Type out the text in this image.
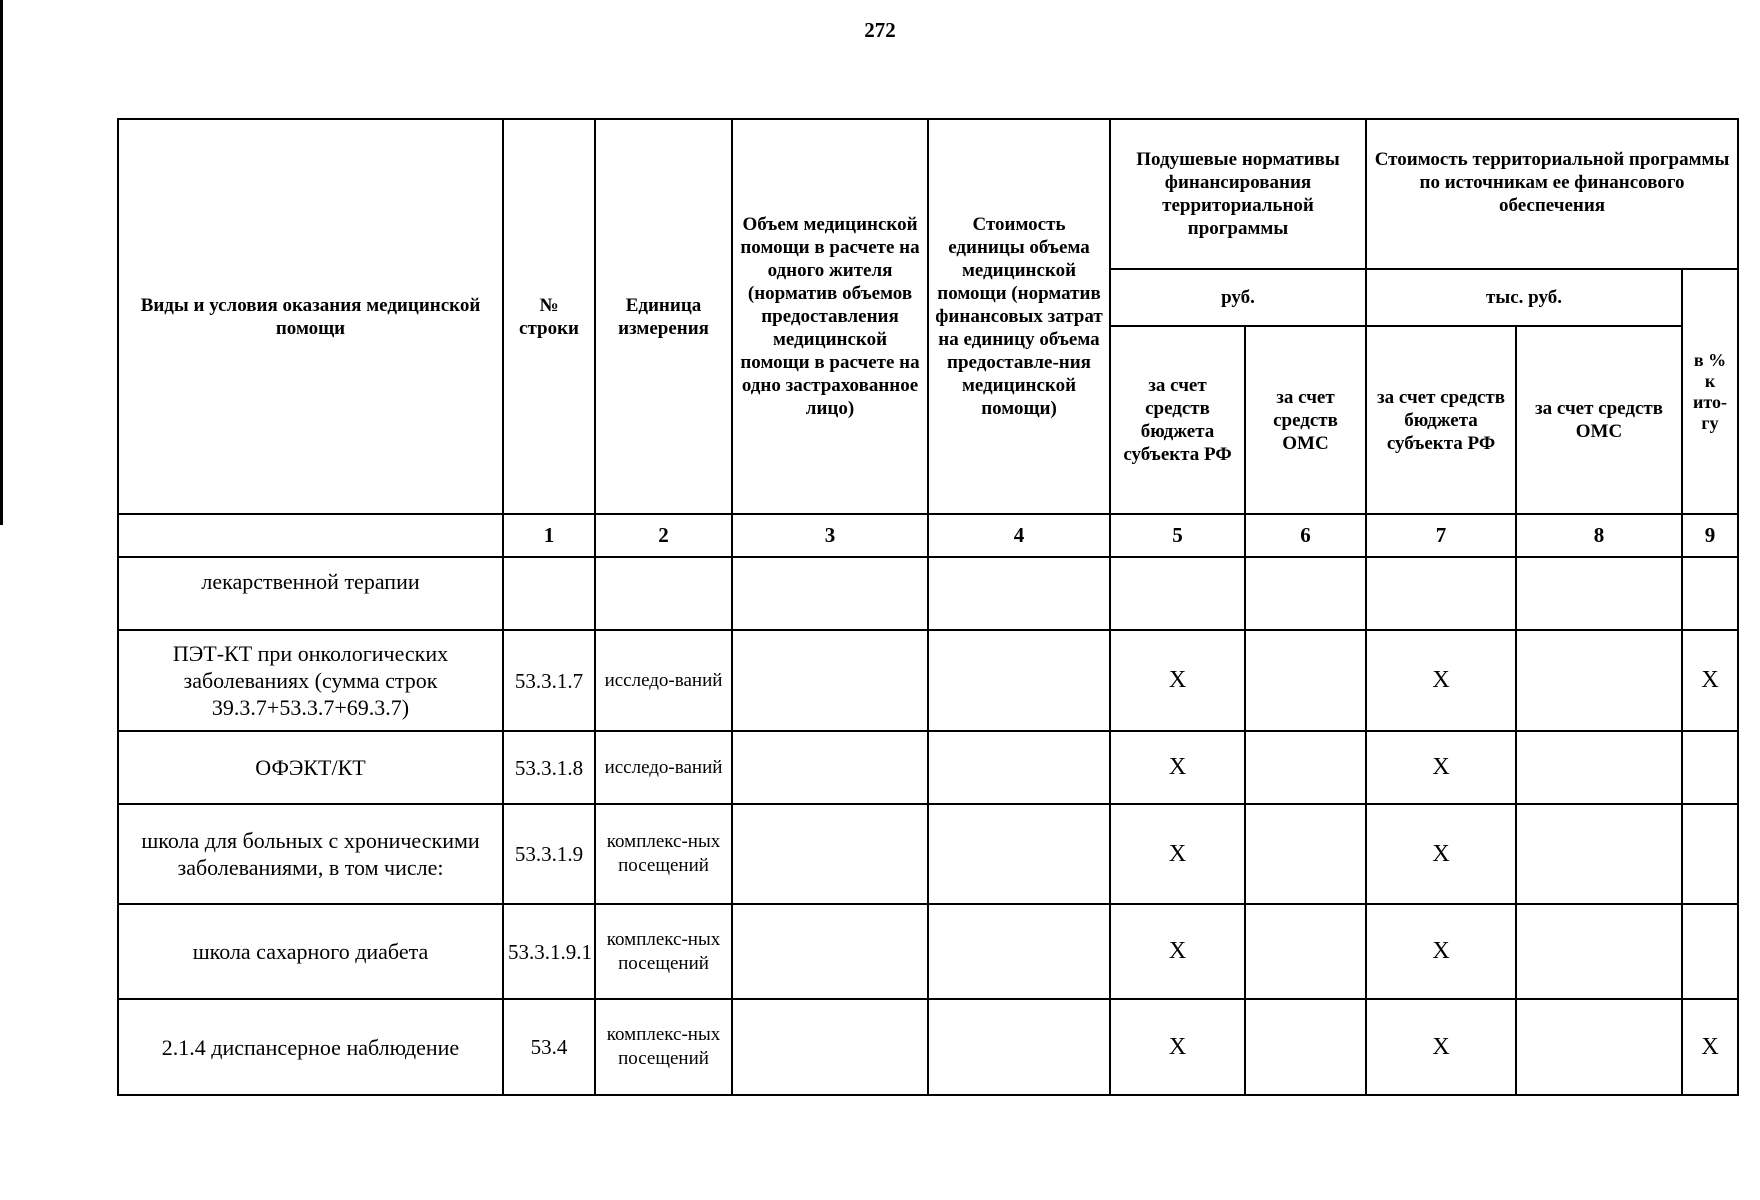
272
Виды и условия оказания медицинской помощи	№ строки	Единица измерения	Объем медицинской помощи в расчете на одного жителя (норматив объемов предоставления медицинской помощи в расчете на одно застрахованное лицо)	Стоимость единицы объема медицинской помощи (норматив финансовых затрат на единицу объема предоставле-ния медицинской помощи)	Подушевые нормативы финансирования территориальной программы		Стоимость территориальной программы по источникам ее финансового обеспечения		
					руб.		тыс. руб.		в % к ито-гу
					за счет средств бюджета субъекта РФ	за счет средств ОМС	за счет средств бюджета субъекта РФ	за счет средств ОМС	
	1	2	3	4	5	6	7	8	9
лекарственной терапии									
ПЭТ-КТ при онкологических заболеваниях (сумма строк 39.3.7+53.3.7+69.3.7)	53.3.1.7	исследо-ваний			X		X		X
ОФЭКТ/КТ	53.3.1.8	исследо-ваний			X		X		
школа для больных с хроническими заболеваниями, в том числе:	53.3.1.9	комплекс-ных посещений			X		X		
школа сахарного диабета	53.3.1.9.1	комплекс-ных посещений			X		X		
2.1.4 диспансерное наблюдение	53.4	комплекс-ных посещений			X		X		X
